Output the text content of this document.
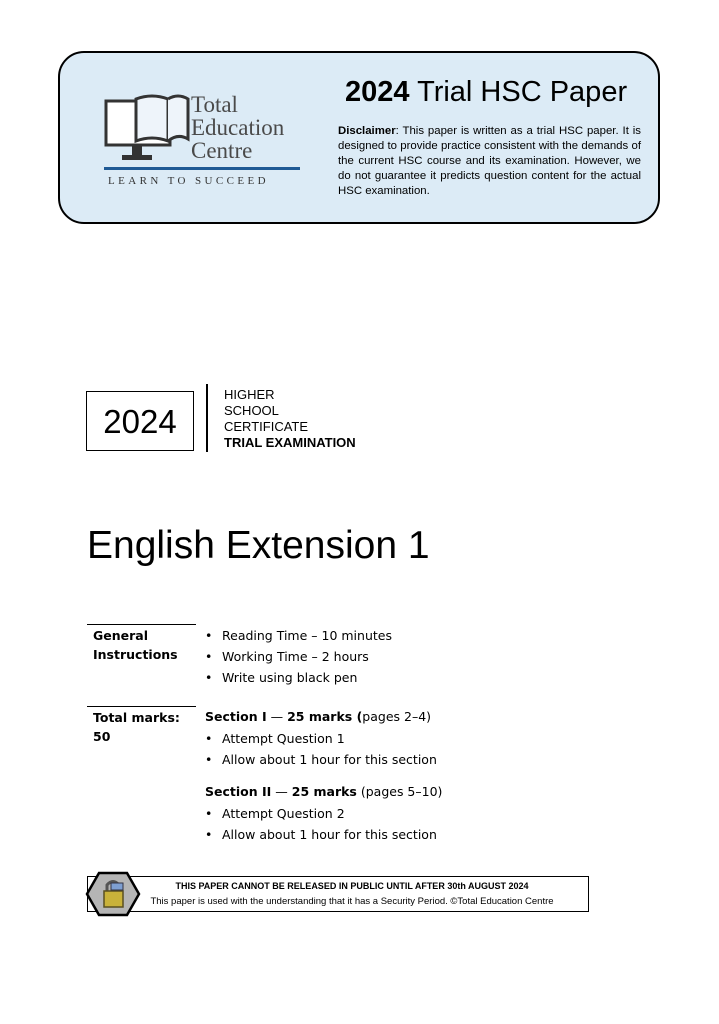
Total
Education
Centre
LEARN TO SUCCEED
2024 Trial HSC Paper
Disclaimer: This paper is written as a trial HSC paper. It is designed to provide practice consistent with the demands of the current HSC course and its examination. However, we do not guarantee it predicts question content for the actual HSC examination.
2024
HIGHER
SCHOOL
CERTIFICATE
TRIAL EXAMINATION
English Extension 1
General
Instructions
• Reading Time – 10 minutes
• Working Time – 2 hours
• Write using black pen
Total marks:
50
Section I — 25 marks (pages 2–4)
• Attempt Question 1
• Allow about 1 hour for this section
Section II — 25 marks (pages 5–10)
• Attempt Question 2
• Allow about 1 hour for this section
THIS PAPER CANNOT BE RELEASED IN PUBLIC UNTIL AFTER 30th AUGUST 2024
This paper is used with the understanding that it has a Security Period. ©Total Education Centre
